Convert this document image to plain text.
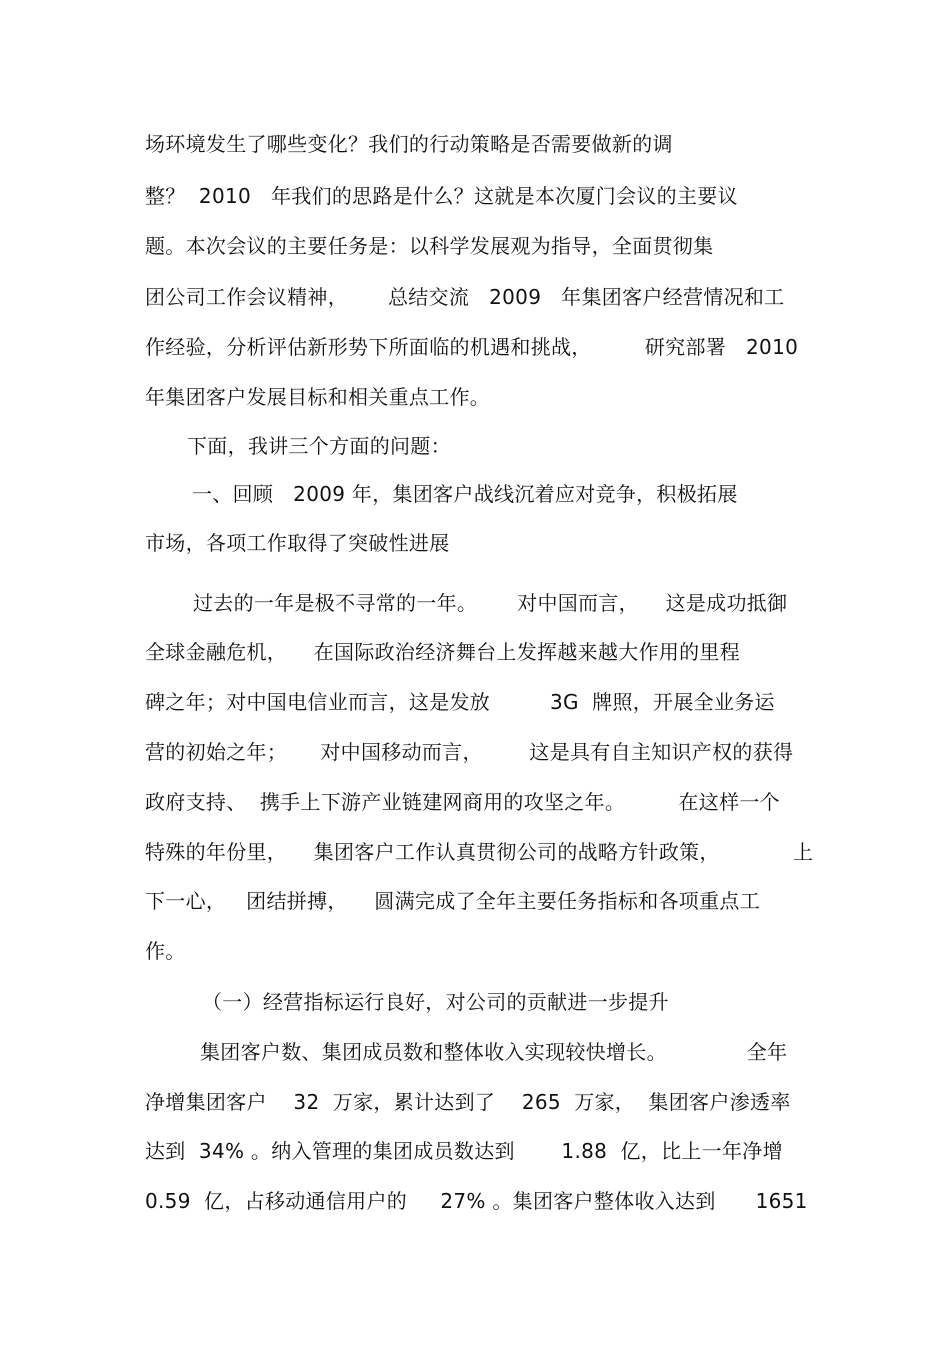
场环境发生了哪些变化？我们的行动策略是否需要做新的调
整？  2010   年我们的思路是什么？这就是本次厦门会议的主要议
题。本次会议的主要任务是：以科学发展观为指导，全面贯彻集
团公司工作会议精神，      总结交流   2009   年集团客户经营情况和工
作经验，分析评估新形势下所面临的机遇和挑战，        研究部署   2010
年集团客户发展目标和相关重点工作。
下面，我讲三个方面的问题：
一、回顾   2009 年，集团客户战线沉着应对竞争，积极拓展
市场，各项工作取得了突破性进展
过去的一年是极不寻常的一年。      对中国而言，    这是成功抵御
全球金融危机，    在国际政治经济舞台上发挥越来越大作用的里程
碑之年；对中国电信业而言，这是发放         3G  牌照，开展全业务运
营的初始之年；     对中国移动而言，       这是具有自主知识产权的获得
政府支持、  携手上下游产业链建网商用的攻坚之年。        在这样一个
特殊的年份里，    集团客户工作认真贯彻公司的战略方针政策，           上
下一心，   团结拼搏，    圆满完成了全年主要任务指标和各项重点工
作。
（一）经营指标运行良好，对公司的贡献进一步提升
集团客户数、集团成员数和整体收入实现较快增长。            全年
净增集团客户    32  万家，累计达到了    265  万家，  集团客户渗透率
达到  34% 。纳入管理的集团成员数达到       1.88  亿，比上一年净增
0.59  亿，占移动通信用户的     27% 。集团客户整体收入达到      1651
